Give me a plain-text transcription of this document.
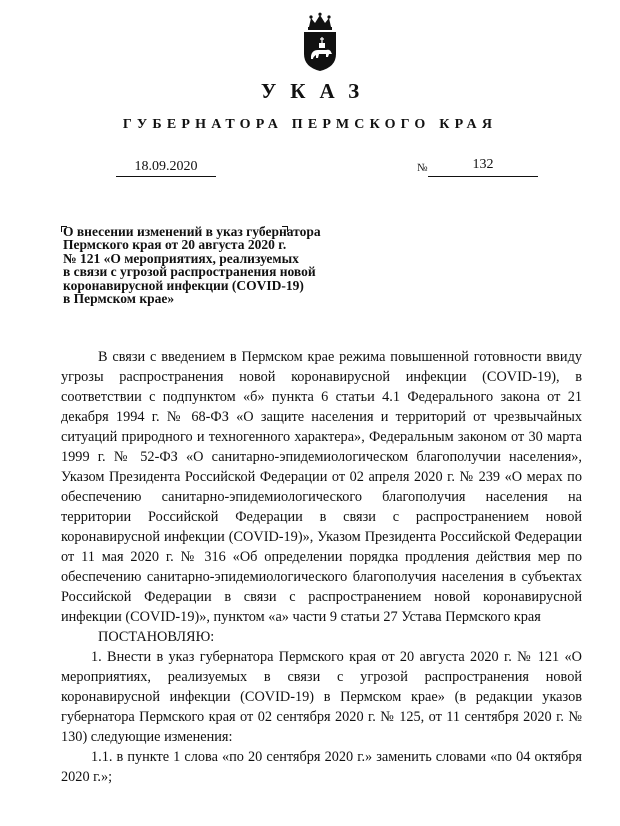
УКАЗ
ГУБЕРНАТОРА ПЕРМСКОГО КРАЯ
18.09.2020	№	132
О внесении изменений в указ губернатора
Пермского края от 20 августа 2020 г.
№ 121 «О мероприятиях, реализуемых
в связи с угрозой распространения новой
коронавирусной инфекции (COVID-19)
в Пермском крае»

В связи с введением в Пермском крае режима повышенной готовности ввиду угрозы распространения новой коронавирусной инфекции (COVID-19), в соответствии с подпунктом «б» пункта 6 статьи 4.1 Федерального закона от 21 декабря 1994 г. № 68-ФЗ «О защите населения и территорий от чрезвычайных ситуаций природного и техногенного характера», Федеральным законом от 30 марта 1999 г. № 52-ФЗ «О санитарно-эпидемиологическом благополучии населения», Указом Президента Российской Федерации от 02 апреля 2020 г. № 239 «О мерах по обеспечению санитарно-эпидемиологического благополучия населения на территории Российской Федерации в связи с распространением новой коронавирусной инфекции (COVID-19)», Указом Президента Российской Федерации от 11 мая 2020 г. № 316 «Об определении порядка продления действия мер по обеспечению санитарно-эпидемиологического благополучия населения в субъектах Российской Федерации в связи с распространением новой коронавирусной инфекции (COVID-19)», пунктом «а» части 9 статьи 27 Устава Пермского края

ПОСТАНОВЛЯЮ:

1. Внести в указ губернатора Пермского края от 20 августа 2020 г. № 121 «О мероприятиях, реализуемых в связи с угрозой распространения новой коронавирусной инфекции (COVID-19) в Пермском крае» (в редакции указов губернатора Пермского края от 02 сентября 2020 г. № 125, от 11 сентября 2020 г. № 130) следующие изменения:

1.1. в пункте 1 слова «по 20 сентября 2020 г.» заменить словами «по 04 октября 2020 г.»;
